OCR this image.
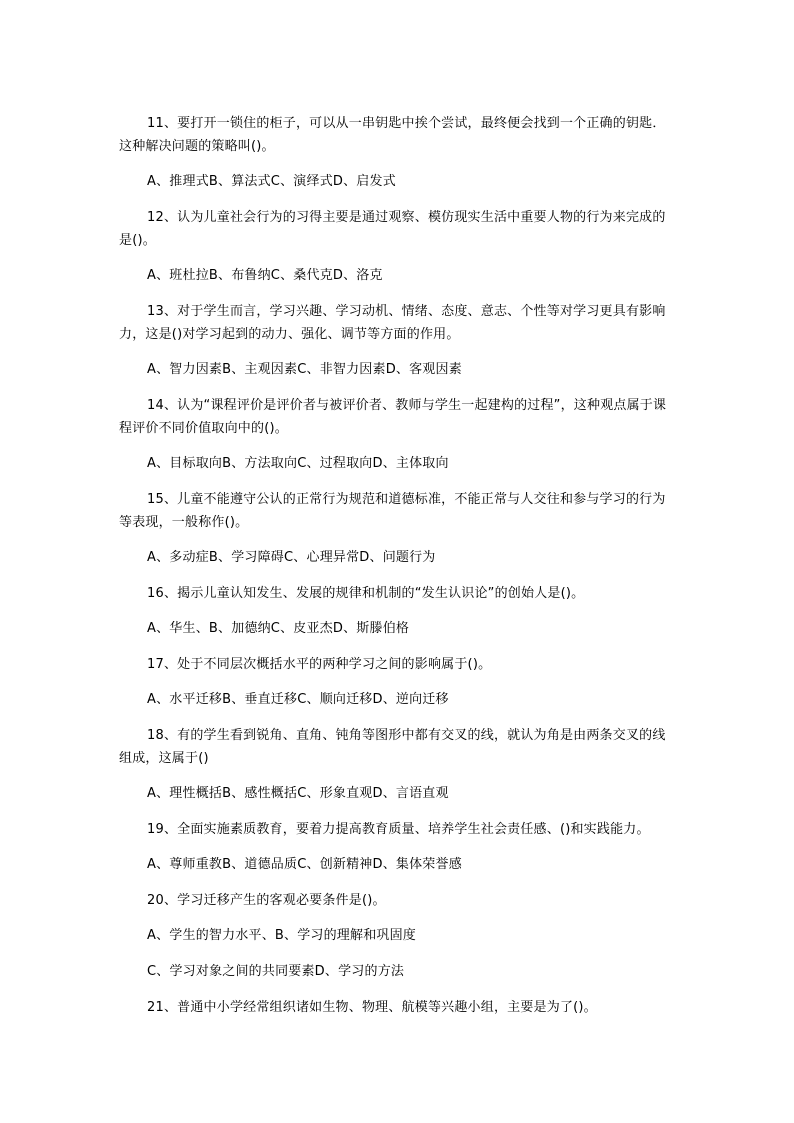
11、要打开一锁住的柜子，可以从一串钥匙中挨个尝试，最终便会找到一个正确的钥匙．这种解决问题的策略叫()。

A、推理式B、算法式C、演绎式D、启发式

12、认为儿童社会行为的习得主要是通过观察、模仿现实生活中重要人物的行为来完成的是()。

A、班杜拉B、布鲁纳C、桑代克D、洛克

13、对于学生而言，学习兴趣、学习动机、情绪、态度、意志、个性等对学习更具有影响力，这是()对学习起到的动力、强化、调节等方面的作用。

A、智力因素B、主观因素C、非智力因素D、客观因素

14、认为“课程评价是评价者与被评价者、教师与学生一起建构的过程”，这种观点属于课程评价不同价值取向中的()。

A、目标取向B、方法取向C、过程取向D、主体取向

15、儿童不能遵守公认的正常行为规范和道德标准，不能正常与人交往和参与学习的行为等表现，一般称作()。

A、多动症B、学习障碍C、心理异常D、问题行为

16、揭示儿童认知发生、发展的规律和机制的“发生认识论”的创始人是()。

A、华生、B、加德纳C、皮亚杰D、斯滕伯格

17、处于不同层次概括水平的两种学习之间的影响属于()。

A、水平迁移B、垂直迁移C、顺向迁移D、逆向迁移

18、有的学生看到锐角、直角、钝角等图形中都有交叉的线，就认为角是由两条交叉的线组成，这属于()

A、理性概括B、感性概括C、形象直观D、言语直观

19、全面实施素质教育，要着力提高教育质量、培养学生社会责任感、()和实践能力。

A、尊师重教B、道德品质C、创新精神D、集体荣誉感

20、学习迁移产生的客观必要条件是()。

A、学生的智力水平、B、学习的理解和巩固度

C、学习对象之间的共同要素D、学习的方法

21、普通中小学经常组织诸如生物、物理、航模等兴趣小组，主要是为了()。
